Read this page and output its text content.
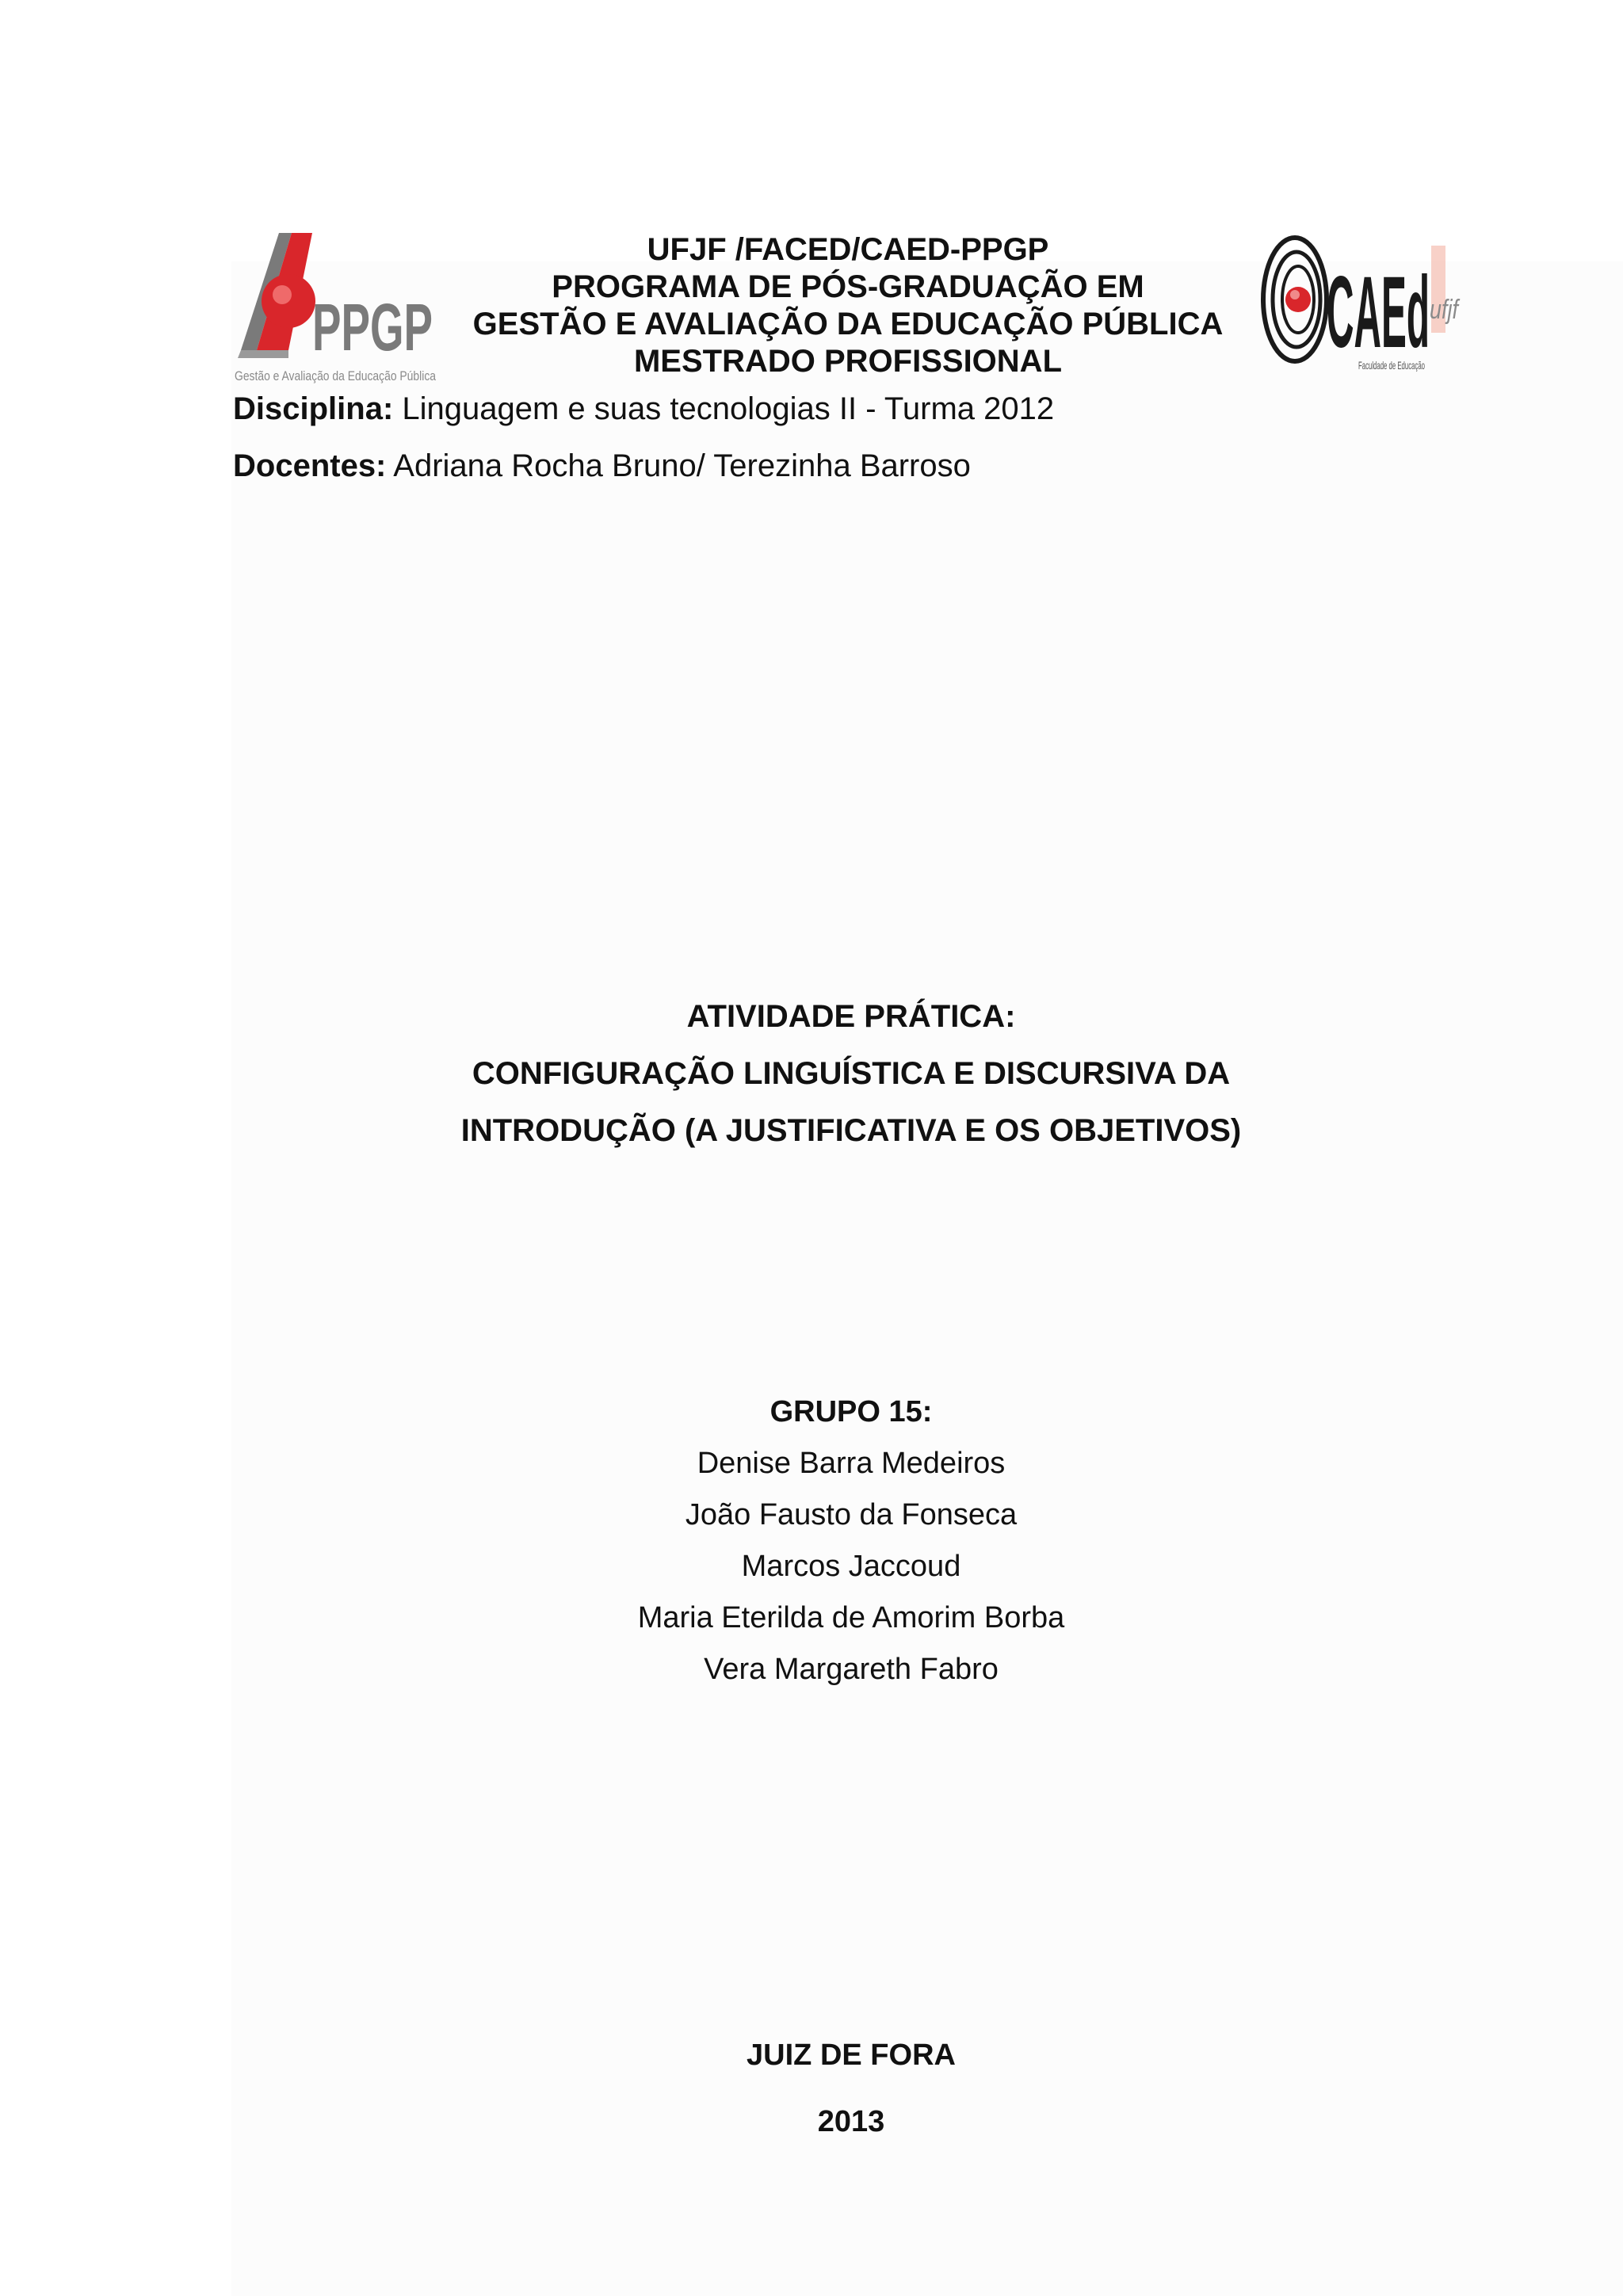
PPGP
Gestão e Avaliação da Educação Pública
UFJF /FACED/CAED-PPGP
PROGRAMA DE PÓS-GRADUAÇÃO EM
GESTÃO E AVALIAÇÃO DA EDUCAÇÃO PÚBLICA
MESTRADO PROFISSIONAL	CAEd ufjf
Faculdade de Educação
Disciplina: Linguagem e suas tecnologias II - Turma 2012
Docentes: Adriana Rocha Bruno/ Terezinha Barroso
ATIVIDADE PRÁTICA:
CONFIGURAÇÃO LINGUÍSTICA E DISCURSIVA DA
INTRODUÇÃO (A JUSTIFICATIVA E OS OBJETIVOS)
GRUPO 15:
Denise Barra Medeiros
João Fausto da Fonseca
Marcos Jaccoud
Maria Eterilda de Amorim Borba
Vera Margareth Fabro
JUIZ DE FORA
2013
